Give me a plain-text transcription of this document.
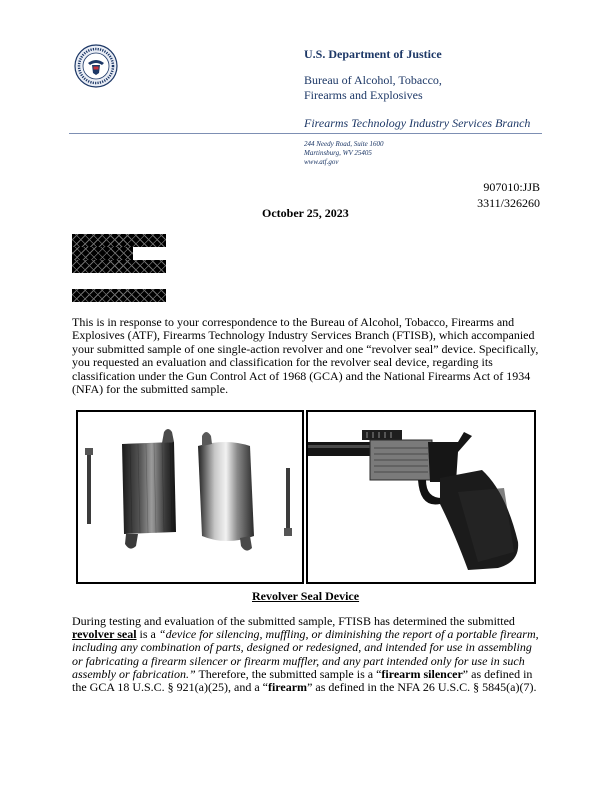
U.S. Department of Justice
Bureau of Alcohol, Tobacco,
Firearms and Explosives
Firearms Technology Industry Services Branch
244 Needy Road, Suite 1600
Martinsburg, WV 25405
www.atf.gov
907010:JJB
3311/326260
October 25, 2023
This is in response to your correspondence to the Bureau of Alcohol, Tobacco, Firearms and Explosives (ATF), Firearms Technology Industry Services Branch (FTISB), which accompanied your submitted sample of one single-action revolver and one “revolver seal” device. Specifically, you requested an evaluation and classification for the revolver seal device, regarding its classification under the Gun Control Act of 1968 (GCA) and the National Firearms Act of 1934 (NFA) for the submitted sample.
Revolver Seal Device
During testing and evaluation of the submitted sample, FTISB has determined the submitted revolver seal is a “device for silencing, muffling, or diminishing the report of a portable firearm, including any combination of parts, designed or redesigned, and intended for use in assembling or fabricating a firearm silencer or firearm muffler, and any part intended only for use in such assembly or fabrication.” Therefore, the submitted sample is a “firearm silencer” as defined in the GCA 18 U.S.C. § 921(a)(25), and a “firearm” as defined in the NFA 26 U.S.C. § 5845(a)(7).
